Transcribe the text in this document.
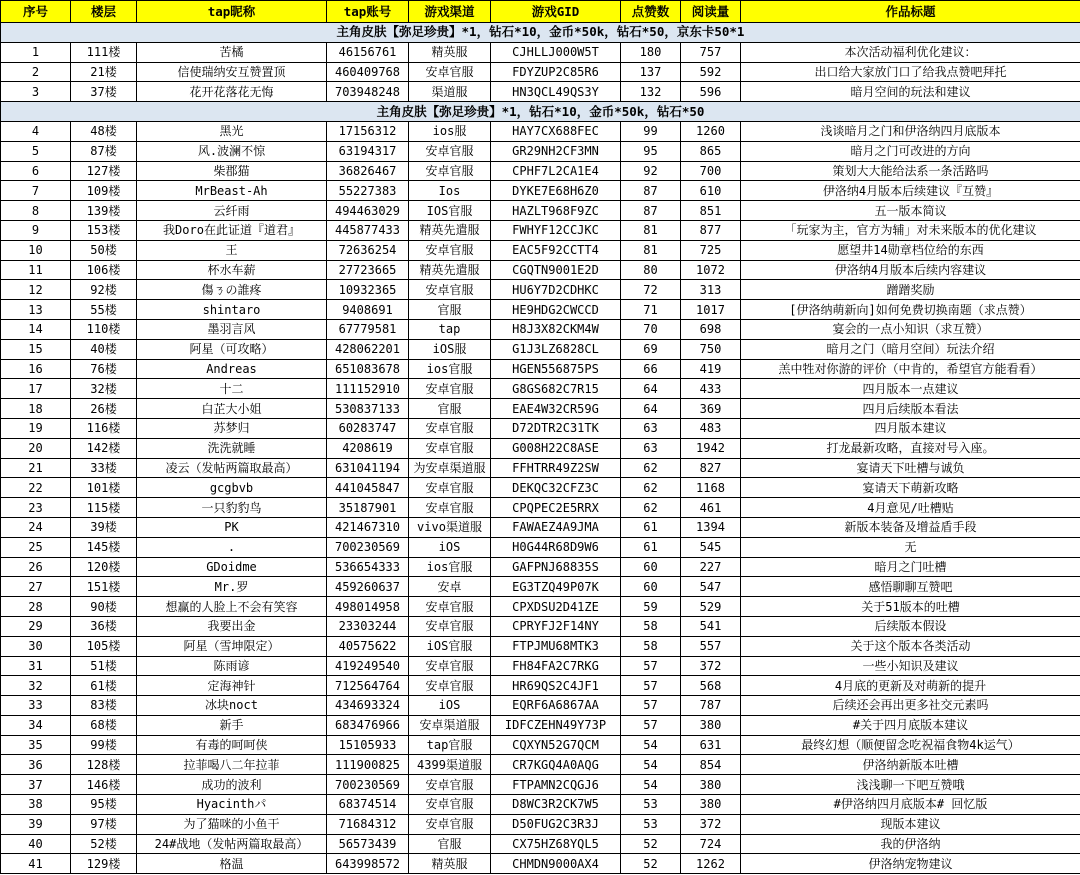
序号	楼层	tap昵称	tap账号	游戏渠道	游戏GID	点赞数	阅读量	作品标题
主角皮肤【弥足珍贵】*1，钻石*10，金币*50k，钻石*50，京东卡50*1								
1	111楼	苦橘	46156761	精英服	CJHLLJ000W5T	180	757	本次活动福利优化建议：
2	21楼	信使瑞纳安互赞置顶	460409768	安卓官服	FDYZUP2C85R6	137	592	出口给大家放门口了给我点赞吧拜托
3	37楼	花开花落花无悔	703948248	渠道服	HN3QCL49QS3Y	132	596	暗月空间的玩法和建议
主角皮肤【弥足珍贵】*1，钻石*10，金币*50k，钻石*50								
4	48楼	黑光	17156312	ios服	HAY7CX688FEC	99	1260	浅谈暗月之门和伊洛纳四月底版本
5	87楼	风.波澜不惊	63194317	安卓官服	GR29NH2CF3MN	95	865	暗月之门可改进的方向
6	127楼	柴郡猫	36826467	安卓官服	CPHF7L2CA1E4	92	700	策划大大能给法系一条活路吗
7	109楼	MrBeast-Ah	55227383	Ios	DYKE7E68H6Z0	87	610	伊洛纳4月版本后续建议『互赞』
8	139楼	云纤雨	494463029	IOS官服	HAZLT968F9ZC	87	851	五一版本简议
9	153楼	我Doro在此证道『道君』	445877433	精英先遣服	FWHYF12CCJKC	81	877	「玩家为主，官方为辅」对未来版本的优化建议
10	50楼	王	72636254	安卓官服	EAC5F92CCTT4	81	725	愿望井14勋章档位给的东西
11	106楼	杯水车薪	27723665	精英先遣服	CGQTN9001E2D	80	1072	伊洛纳4月版本后续内容建议
12	92楼	傷ㄋの誰疼	10932365	安卓官服	HU6Y7D2CDHKC	72	313	蹭蹭奖励
13	55楼	shintaro	9408691	官服	HE9HDG2CWCCD	71	1017	[伊洛纳萌新向]如何免费切换南题（求点赞）
14	110楼	墨羽言风	67779581	tap	H8J3X82CKM4W	70	698	宴会的一点小知识（求互赞）
15	40楼	阿星（可攻略）	428062201	iOS服	G1J3LZ6828CL	69	750	暗月之门（暗月空间）玩法介绍
16	76楼	Andreas	651083678	ios官服	HGEN556875PS	66	419	羔中牲对你游的评价（中肯的，希望官方能看看）
17	32楼	十二	111152910	安卓官服	G8GS682C7R15	64	433	四月版本一点建议
18	26楼	白芷大小姐	530837133	官服	EAE4W32CR59G	64	369	四月后续版本看法
19	116楼	苏梦归	60283747	安卓官服	D72DTR2C31TK	63	483	四月版本建议
20	142楼	洗洗就睡	4208619	安卓官服	G008H22C8ASE	63	1942	打龙最新攻略，直接对号入座。
21	33楼	凌云（发帖两篇取最高）	631041194	为安卓渠道服	FFHTRR49Z2SW	62	827	宴请天下吐槽与诚负
22	101楼	gcgbvb	441045847	安卓官服	DEKQC32CFZ3C	62	1168	宴请天下萌新攻略
23	115楼	一只豹豹鸟	35187901	安卓官服	CPQPEC2E5RRX	62	461	4月意见/吐槽贴
24	39楼	PK	421467310	vivo渠道服	FAWAEZ4A9JMA	61	1394	新版本装备及增益盾手段
25	145楼	.	700230569	iOS	H0G44R68D9W6	61	545	无
26	120楼	GDoidme	536654333	ios官服	GAFPNJ68835S	60	227	暗月之门吐槽
27	151楼	Mr.罗	459260637	安卓	EG3TZQ49P07K	60	547	感悟聊聊互赞吧
28	90楼	想赢的人脸上不会有笑容	498014958	安卓官服	CPXDSU2D41ZE	59	529	关于51版本的吐槽
29	36楼	我要出金	23303244	安卓官服	CPRYFJ2F14NY	58	541	后续版本假设
30	105楼	阿星（雪坤限定）	40575622	iOS官服	FTPJMU68MTK3	58	557	关于这个版本各类活动
31	51楼	陈雨谚	419249540	安卓官服	FH84FA2C7RKG	57	372	一些小知识及建议
32	61楼	定海神针	712564764	安卓官服	HR69QS2C4JF1	57	568	4月底的更新及对萌新的提升
33	83楼	冰块noct	434693324	iOS	EQRF6A6867AA	57	787	后续还会再出更多社交元素吗
34	68楼	新手	683476966	安卓渠道服	IDFCZEHN49Y73P	57	380	#关于四月底版本建议
35	99楼	有毒的呵呵侠	15105933	tap官服	CQXYN52G7QCM	54	631	最终幻想（顺便留念吃祝福食物4k运气）
36	128楼	拉菲喝八二年拉菲	111900825	4399渠道服	CR7KGQ4A0AQG	54	854	伊洛纳新版本吐槽
37	146楼	成功的波利	700230569	安卓官服	FTPAMN2CQGJ6	54	380	浅浅聊一下吧互赞哦
38	95楼	Hyacinthパ	68374514	安卓官服	D8WC3R2CK7W5	53	380	#伊洛纳四月底版本# 回忆版
39	97楼	为了猫咪的小鱼干	71684312	安卓官服	D50FUG2C3R3J	53	372	现版本建议
40	52楼	24#战地（发帖两篇取最高）	56573439	官服	CX75HZ68YQL5	52	724	我的伊洛纳
41	129楼	格温	643998572	精英服	CHMDN9000AX4	52	1262	伊洛纳宠物建议
